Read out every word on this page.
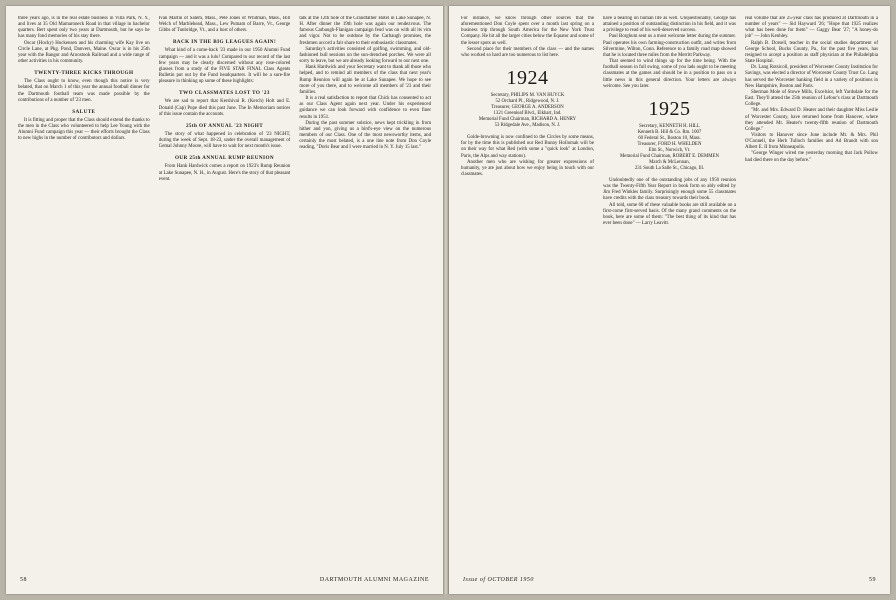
three years ago, is in the real estate business in Villa Park, N. Y., and lives at 35 Old Mamaroneck Road in that village in bachelor quarters. Bert spent only two years at Dartmouth, but he says he has many fond memories of his stay there.

Oscar (Hocky) Hockensen and his charming wife Kay live on Circle Lane, at Pkg. Pond, Danvers, Maine. Oscar is in his 25th year with the Bangor and Aroostook Railroad and a wide range of other activities in his community.

TWENTY-THREE KICKS THROUGH

The Class ought to know, even though this notice is very belated, that on March 1 of this year the annual football dinner for the Dartmouth football team was made possible by the contributions of a number of '23 men.

SALUTE

It is fitting and proper that the Class should extend the thanks to the men in the Class who volunteered to help Lee Young with the Alumni Fund campaign this year — their efforts brought the Class to new highs in the number of contributors and dollars.

Ivan Martin of Salem, Mass., Pete Jones of Whitman, Mass., Bill Welch of Marblehead, Mass., Lew Putnam of Barre, Vt., George Gibbs of Tunbridge, Vt., and a host of others.

BACK IN THE BIG LEAGUES AGAIN!

What kind of a come-back '23 made in our 1950 Alumni Fund campaign — and it was a lulu! Compared to our record of the last few years may be clearly discerned without any rose-colored glasses from a study of the FIVE STAR FINAL Class Agents Bulletin put out by the Fund headquarters. It will be a sure-fire pleasure in thinking up some of these highlights:

TWO CLASSMATES LOST TO '23

We are sad to report that Kershival R. (Kerch) Holt and E. Donald (Cap) Pope died this past June. The In Memoriam notices of this issue contain the accounts.

25th OF ANNUAL '23 NIGHT

The story of what happened in celebration of '23 NIGHT, during the week of Sept. 18-23, under the overall management of Gemal Johnny Moore, will have to wait for next month's issue.

OUR 25th ANNUAL RUMP REUNION

From Hank Hardwick comes a report on 1923's Rump Reunion at Lake Sunapee, N. H., in August. Here's the story of that pleasant event.

talk at the 12th hole of the Grandfather Hotel in Lake Sunapee, N. H. After dinner the 19th hole was again our rendezvous. The famous Carbaugh-Flanigan campaign feud was on with all its vim and vigor. Not to be outdone by the Carbaugh promises, the freshmen accord a fair share to their enthusiastic classmates.

Saturday's activities consisted of golfing, swimming, and old-fashioned bull sessions on the sun-drenched porches. We were all sorry to leave, but we are already looking forward to our next one.

Hank Hardwick and your Secretary want to thank all those who helped, and to remind all members of the class that next year's Rump Reunion will again be at Lake Sunapee. We hope to see more of you there, and to welcome all members of '23 and their families.

It is a real satisfaction to report that Chick has consented to act as our Class Agent again next year. Under his experienced guidance we can look forward with confidence to even finer results in 1951.

During the past summer solstice, news kept trickling in from hither and yon, giving us a bird's-eye view on the numerous members of our Class. One of the most newsworthy items, and certainly the most belated, is a one line note from Don Coyle reading, "Doris Bear and I were married in N. Y. July 15 last."

58	DARTMOUTH ALUMNI MAGAZINE

For instance, we know through other sources that the aforementioned Don Coyle spent over a month last spring on a business trip through South America for the New York Trust Company. He hit all the larger cities below the Equator and some of the lesser spots as well.

Second place for their members of the class — and the names who worked so hard are too numerous to list here.

1924
Secretary, PHILIPS M. VAN HUYCK
52 Orchard Pl., Ridgewood, N. J.
Treasurer, GEORGE A. ANDERSON
1321 Greenleaf Blvd., Elkhart, Ind.
Memorial Fund Chairman, RICHARD A. HENRY
53 Ridgedale Ave., Madison, N. J.

Golde-browning is now confined to the Circles by some means, for by the time this is published our Red Bunny Hollomak will be on their way for what Red (with some a "quick look" at London, Paris, the Alps and way stations).

Another men who are wishing for greater expressions of humanity, ye ate just about how we enjoy being in touch with our classmates.

have a bearing on human life as well. Unquestionably, George has attained a position of outstanding distinction in his field, and it was a privilege to read of his well-deserved success.

Paul Borghum sent us a most welcome letter during the summer. Paul operates his own farming-construction outfit, and writes from Silvermine, Wilton, Conn. Reference to a family road map showed that he is located three miles from the Merritt Parkway.

That seemed to wind things up for the time being. With the football season in full swing, some of you lads ought to be meeting classmates at the games and should be in a position to pass on a little news in this general direction. Your letters are always welcome. See you later.

1925
Secretary, KENNETH H. HILL
Kenneth B. Hill & Co. Rm. 1007
60 Federal St., Boston 10, Mass.
Treasurer, FORD H. WHELDEN
Elm St., Norwich, Vt.
Memorial Fund Chairman, ROBERT E. DEMMEN
March & McLennan,
231 South La Salle St., Chicago, Ill.

Undoubtedly one of the outstanding jobs of any 1950 reunion was the Twenty-Fifth Year Report in book form so ably edited by Jim Fred Winkles family. Surprisingly enough some 55 classmates have credits with the class treasury towards their book.

All told, some 60 of these valuable books are still available on a first-come first-served basis. Of the many grand comments on the book, here are some of them: "The best thing of its kind that has ever been done" — Larry Leavitt.

real volume that are 25-year class has produced at Dartmouth in a number of years" — Sid Hayward '26; "Hope that 1925 realizes what has been done for them" — Gaggy Bear '27; "A honey-do job" — John Kenhley.

Ralph B. Dorsell, teacher in the social studies department of George School, Bucks County, Pa., for the past five years, has resigned to accept a position as staff physician at the Philadelphia State Hospital.

Dr. Lang Rotsicoll, president of Worcester County Institution for Savings, was elected a director of Worcester County Trust Co. Lang has served the Worcester banking field in a variety of positions in New Hampshire, Boston and Paris.

Sherman Mole of Stowe Mills, Excelsior, left Yardsdale for the East. They'll attend the 25th reunion of Lefour's class at Dartmouth College.

"Mr. and Mrs. Edward D. Heater and their daughter Miss Leslie of Worcester County, have returned home from Hanover, where they attended Mr. Heater's twenty-fifth reunion of Dartmouth College."

Visitors to Hanover since June include Mr. & Mrs. Phil O'Connell, the Herb Tulloch families and Ad Brandt with son Albert E. II from Minneapolis.

"George Winger wired me yesterday morning that Jack Pollow had died there on the day before."

Issue of OCTOBER 1950	59
